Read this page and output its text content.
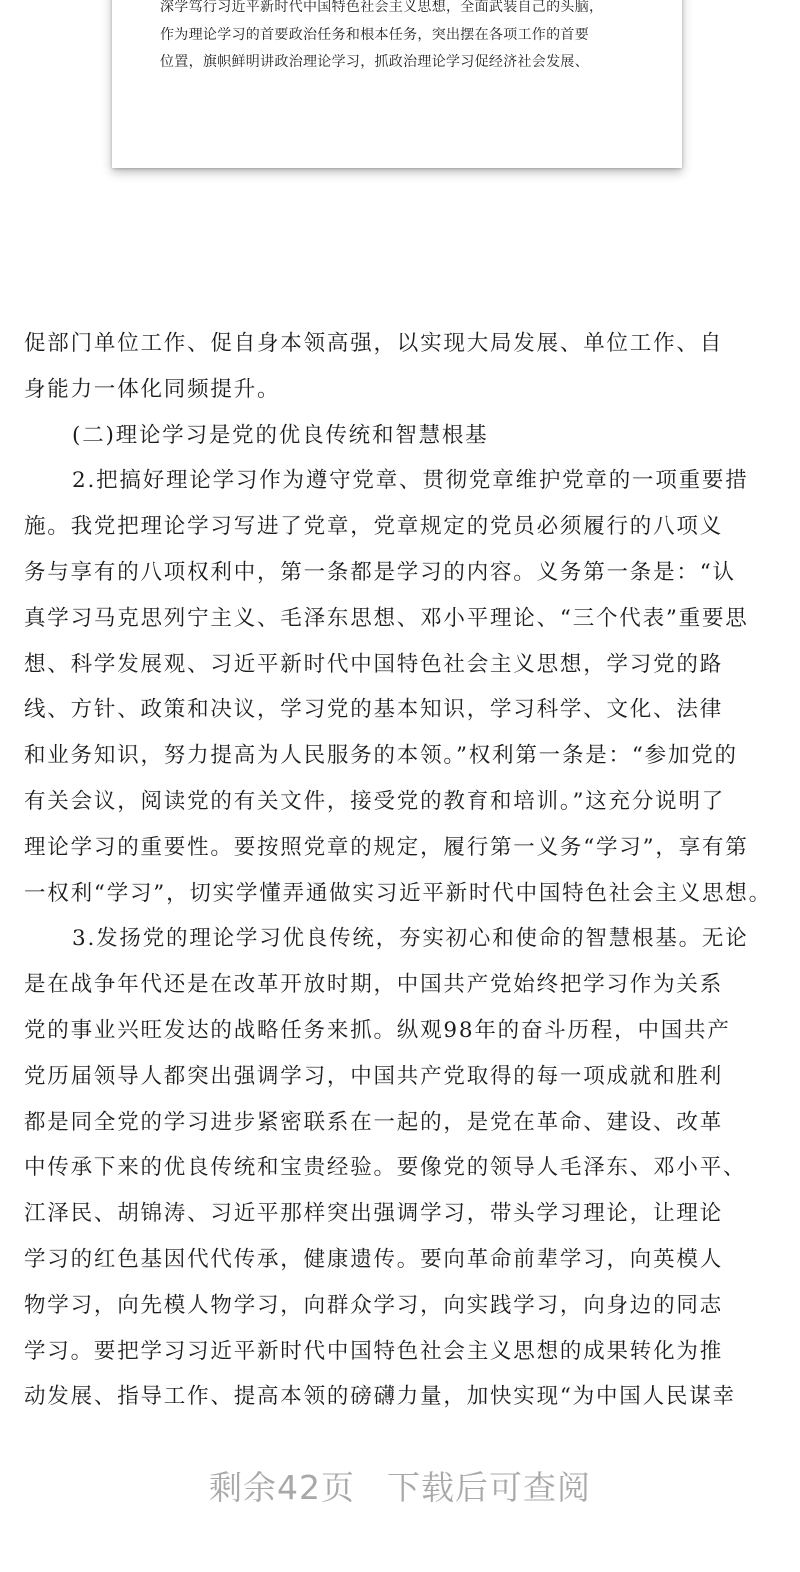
深学笃行习近平新时代中国特色社会主义思想，全面武装自己的头脑，
作为理论学习的首要政治任务和根本任务，突出摆在各项工作的首要
位置，旗帜鲜明讲政治理论学习，抓政治理论学习促经济社会发展、
促部门单位工作、促自身本领高强，以实现大局发展、单位工作、自
身能力一体化同频提升。
(二)理论学习是党的优良传统和智慧根基
2.把搞好理论学习作为遵守党章、贯彻党章维护党章的一项重要措
施。我党把理论学习写进了党章，党章规定的党员必须履行的八项义
务与享有的八项权利中，第一条都是学习的内容。义务第一条是：“认
真学习马克思列宁主义、毛泽东思想、邓小平理论、“三个代表”重要思
想、科学发展观、习近平新时代中国特色社会主义思想，学习党的路
线、方针、政策和决议，学习党的基本知识，学习科学、文化、法律
和业务知识，努力提高为人民服务的本领。”权利第一条是：“参加党的
有关会议，阅读党的有关文件，接受党的教育和培训。”这充分说明了
理论学习的重要性。要按照党章的规定，履行第一义务“学习”，享有第
一权利“学习”，切实学懂弄通做实习近平新时代中国特色社会主义思想。
3.发扬党的理论学习优良传统，夯实初心和使命的智慧根基。无论
是在战争年代还是在改革开放时期，中国共产党始终把学习作为关系
党的事业兴旺发达的战略任务来抓。纵观98年的奋斗历程，中国共产
党历届领导人都突出强调学习，中国共产党取得的每一项成就和胜利
都是同全党的学习进步紧密联系在一起的，是党在革命、建设、改革
中传承下来的优良传统和宝贵经验。要像党的领导人毛泽东、邓小平、
江泽民、胡锦涛、习近平那样突出强调学习，带头学习理论，让理论
学习的红色基因代代传承，健康遗传。要向革命前辈学习，向英模人
物学习，向先模人物学习，向群众学习，向实践学习，向身边的同志
学习。要把学习习近平新时代中国特色社会主义思想的成果转化为推
动发展、指导工作、提高本领的磅礴力量，加快实现“为中国人民谋幸
剩余42页 下载后可查阅
